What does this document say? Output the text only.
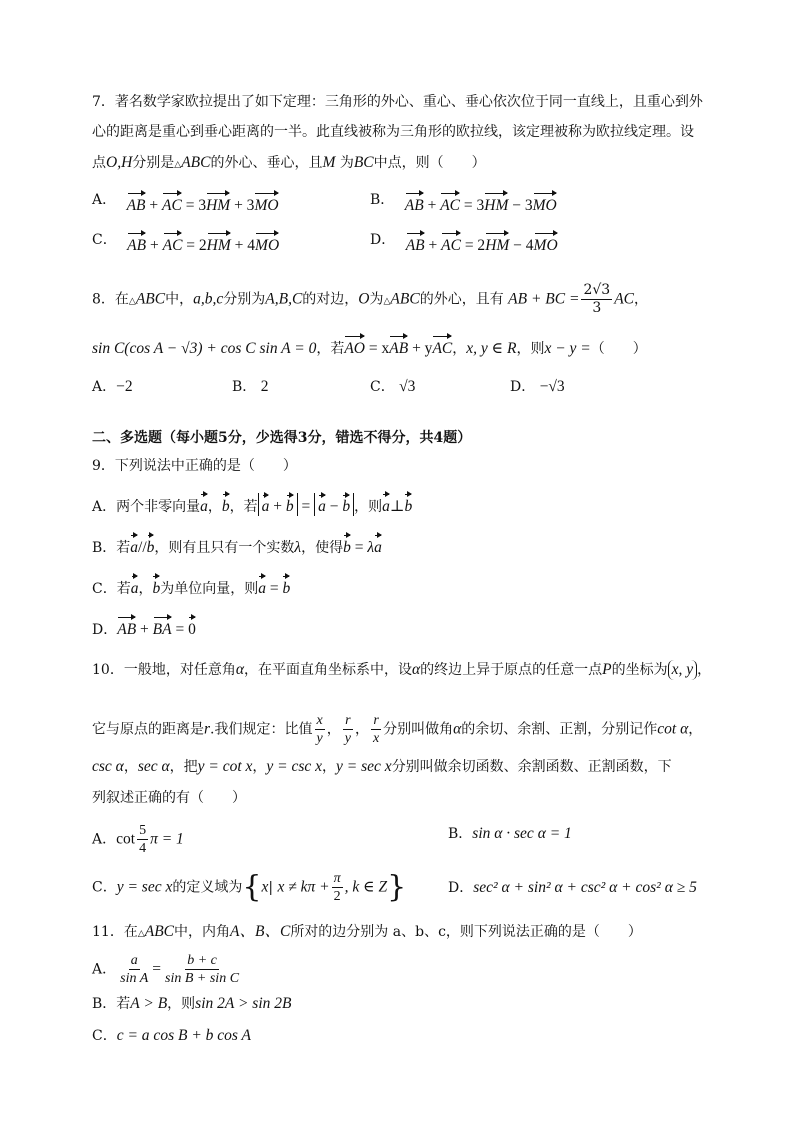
7．著名数学家欧拉提出了如下定理：三角形的外心、重心、垂心依次位于同一直线上，且重心到外
心的距离是重心到垂心距离的一半。此直线被称为三角形的欧拉线，该定理被称为欧拉线定理。设
点O,H分别是△ABC的外心、垂心，且M 为BC中点，则（　　）
A． AB + AC = 3HM + 3MO	B． AB + AC = 3HM − 3MO
C． AB + AC = 2HM + 4MO	D． AB + AC = 2HM − 4MO
8．在△ABC中，a,b,c分别为A,B,C的对边，O为△ABC的外心，且有 AB + BC = $\frac{2√3}{3}$ AC，
sin C(cos A − √3) + cos C sin A = 0，若AO = xAB + yAC，x, y ∈ R，则x − y =（　　）
A．−2	B． 2	C． √3	D． −√3
二、多选题（每小题5分，少选得3分，错选不得分，共4题）
9．下列说法中正确的是（　　）
A．两个非零向量a，b，若 a + b = a − b ，则a⊥b
B．若a//b，则有且只有一个实数λ，使得b = λa
C．若a，b为单位向量，则a = b
D．AB + BA = 0
10．一般地，对任意角α，在平面直角坐标系中，设α的终边上异于原点的任意一点P的坐标为 x, y ，
它与原点的距离是r.我们规定：比值 $\frac{x}{y}$ ， $\frac{r}{y}$ ， $\frac{r}{x}$ 分别叫做角α的余切、余割、正割，分别记作cot α，
csc α，sec α，把y = cot x，y = csc x，y = sec x分别叫做余切函数、余割函数、正割函数，下
列叙述正确的有（　　）
A．$\cot \frac{5}{4}$ π = 1	B．sin α · sec α = 1
C．y = sec x的定义域为{x| $x \ne k\pi + \frac{\pi}{2}$ , k ∈ Z}	D．sec² α + sin² α + csc² α + cos² α ≥ 5
11．在△ABC中，内角A、B、C所对的边分别为 a、b、c，则下列说法正确的是（　　）
A． $\frac{a}{\text{sin A}} = \frac{b + c}{\text{sin B + sin C}}$
B．若A > B，则sin 2A > sin 2B
C．c = a cos B + b cos A
